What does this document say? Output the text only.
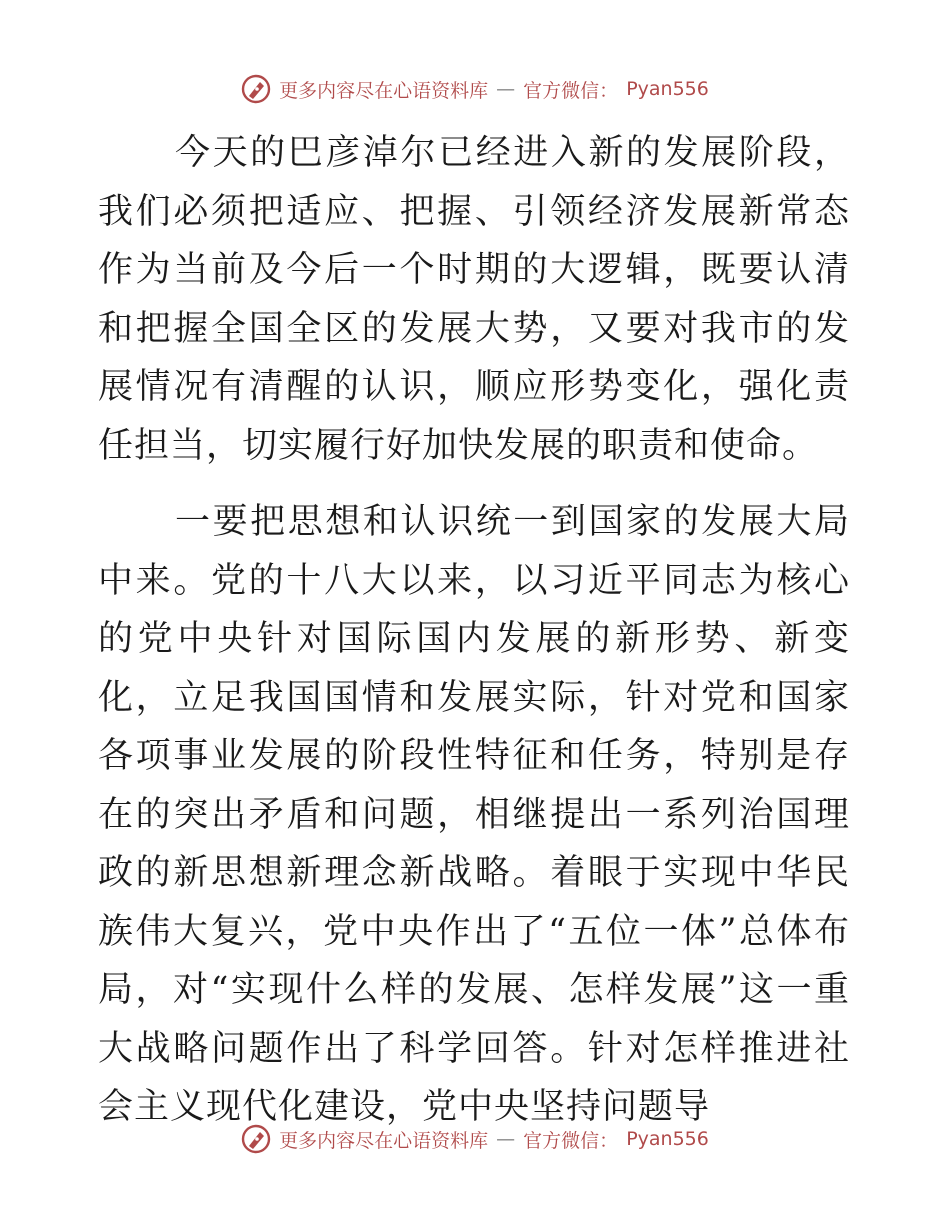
更多内容尽在心语资料库 — 官方微信： Pyan556

今天的巴彦淖尔已经进入新的发展阶段，我们必须把适应、把握、引领经济发展新常态作为当前及今后一个时期的大逻辑，既要认清和把握全国全区的发展大势，又要对我市的发展情况有清醒的认识，顺应形势变化，强化责任担当，切实履行好加快发展的职责和使命。

一要把思想和认识统一到国家的发展大局中来。党的十八大以来，以习近平同志为核心的党中央针对国际国内发展的新形势、新变化，立足我国国情和发展实际，针对党和国家各项事业发展的阶段性特征和任务，特别是存在的突出矛盾和问题，相继提出一系列治国理政的新思想新理念新战略。着眼于实现中华民族伟大复兴，党中央作出了“五位一体”总体布局，对“实现什么样的发展、怎样发展”这一重大战略问题作出了科学回答。针对怎样推进社会主义现代化建设，党中央坚持问题导

更多内容尽在心语资料库 — 官方微信： Pyan556
